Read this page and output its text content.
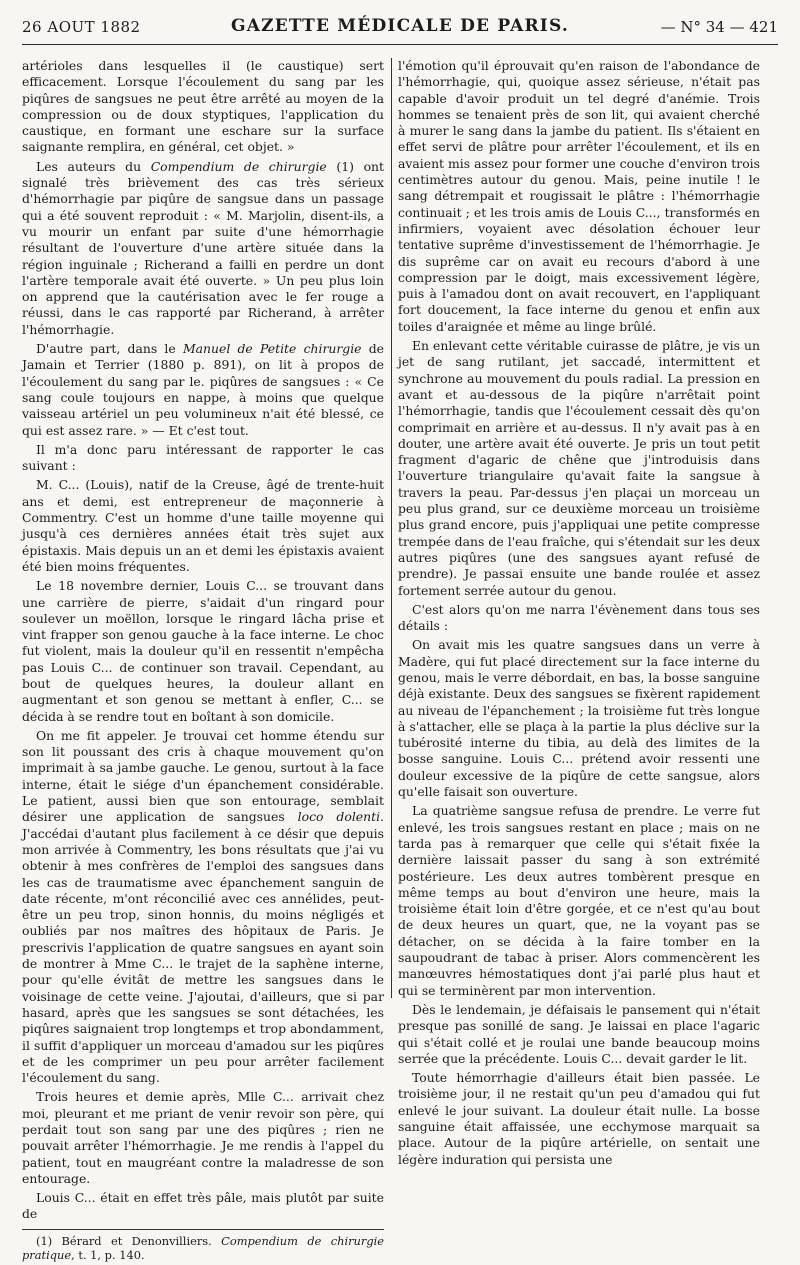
26 AOUT 1882	GAZETTE MÉDICALE DE PARIS.	— N° 34 — 421

artérioles dans lesquelles il (le caustique) sert efficacement. Lorsque l'écoulement du sang par les piqûres de sangsues ne peut être arrêté au moyen de la compression ou de doux styptiques, l'application du caustique, en formant une eschare sur la surface saignante remplira, en général, cet objet. »

Les auteurs du Compendium de chirurgie (1) ont signalé très brièvement des cas très sérieux d'hémorrhagie par piqûre de sangsue dans un passage qui a été souvent reproduit : « M. Marjolin, disent-ils, a vu mourir un enfant par suite d'une hémorrhagie résultant de l'ouverture d'une artère située dans la région inguinale ; Richerand a failli en perdre un dont l'artère temporale avait été ouverte. » Un peu plus loin on apprend que la cautérisation avec le fer rouge a réussi, dans le cas rapporté par Richerand, à arrêter l'hémorrhagie.

D'autre part, dans le Manuel de Petite chirurgie de Jamain et Terrier (1880 p. 891), on lit à propos de l'écoulement du sang par le. piqûres de sangsues : « Ce sang coule toujours en nappe, à moins que quelque vaisseau artériel un peu volumineux n'ait été blessé, ce qui est assez rare. » — Et c'est tout.

Il m'a donc paru intéressant de rapporter le cas suivant :

M. C... (Louis), natif de la Creuse, âgé de trente-huit ans et demi, est entrepreneur de maçonnerie à Commentry. C'est un homme d'une taille moyenne qui jusqu'à ces dernières années était très sujet aux épistaxis. Mais depuis un an et demi les épistaxis avaient été bien moins fréquentes.

Le 18 novembre dernier, Louis C... se trouvant dans une carrière de pierre, s'aidait d'un ringard pour soulever un moëllon, lorsque le ringard lâcha prise et vint frapper son genou gauche à la face interne. Le choc fut violent, mais la douleur qu'il en ressentit n'empêcha pas Louis C... de continuer son travail. Cependant, au bout de quelques heures, la douleur allant en augmentant et son genou se mettant à enfler, C... se décida à se rendre tout en boîtant à son domicile.

On me fit appeler. Je trouvai cet homme étendu sur son lit poussant des cris à chaque mouvement qu'on imprimait à sa jambe gauche. Le genou, surtout à la face interne, était le siége d'un épanchement considérable. Le patient, aussi bien que son entourage, semblait désirer une application de sangsues loco dolenti. J'accédai d'autant plus facilement à ce désir que depuis mon arrivée à Commentry, les bons résultats que j'ai vu obtenir à mes confrères de l'emploi des sangsues dans les cas de traumatisme avec épanchement sanguin de date récente, m'ont réconcilié avec ces annélides, peut-être un peu trop, sinon honnis, du moins négligés et oubliés par nos maîtres des hôpitaux de Paris. Je prescrivis l'application de quatre sangsues en ayant soin de montrer à Mme C... le trajet de la saphène interne, pour qu'elle évitât de mettre les sangsues dans le voisinage de cette veine. J'ajoutai, d'ailleurs, que si par hasard, après que les sangsues se sont détachées, les piqûres saignaient trop longtemps et trop abondamment, il suffit d'appliquer un morceau d'amadou sur les piqûres et de les comprimer un peu pour arrêter facilement l'écoulement du sang.

Trois heures et demie après, Mlle C... arrivait chez moi, pleurant et me priant de venir revoir son père, qui perdait tout son sang par une des piqûres ; rien ne pouvait arrêter l'hémorrhagie. Je me rendis à l'appel du patient, tout en maugréant contre la maladresse de son entourage.

Louis C... était en effet très pâle, mais plutôt par suite de

(1) Bérard et Denonvilliers. Compendium de chirurgie pratique, t. 1, p. 140.

l'émotion qu'il éprouvait qu'en raison de l'abondance de l'hémorrhagie, qui, quoique assez sérieuse, n'était pas capable d'avoir produit un tel degré d'anémie. Trois hommes se tenaient près de son lit, qui avaient cherché à murer le sang dans la jambe du patient. Ils s'étaient en effet servi de plâtre pour arrêter l'écoulement, et ils en avaient mis assez pour former une couche d'environ trois centimètres autour du genou. Mais, peine inutile ! le sang détrempait et rougissait le plâtre : l'hémorrhagie continuait ; et les trois amis de Louis C..., transformés en infirmiers, voyaient avec désolation échouer leur tentative suprême d'investissement de l'hémorrhagie. Je dis suprême car on avait eu recours d'abord à une compression par le doigt, mais excessivement légère, puis à l'amadou dont on avait recouvert, en l'appliquant fort doucement, la face interne du genou et enfin aux toiles d'araignée et même au linge brûlé.

En enlevant cette véritable cuirasse de plâtre, je vis un jet de sang rutilant, jet saccadé, intermittent et synchrone au mouvement du pouls radial. La pression en avant et au-dessous de la piqûre n'arrêtait point l'hémorrhagie, tandis que l'écoulement cessait dès qu'on comprimait en arrière et au-dessus. Il n'y avait pas à en douter, une artère avait été ouverte. Je pris un tout petit fragment d'agaric de chêne que j'introduisis dans l'ouverture triangulaire qu'avait faite la sangsue à travers la peau. Par-dessus j'en plaçai un morceau un peu plus grand, sur ce deuxième morceau un troisième plus grand encore, puis j'appliquai une petite compresse trempée dans de l'eau fraîche, qui s'étendait sur les deux autres piqûres (une des sangsues ayant refusé de prendre). Je passai ensuite une bande roulée et assez fortement serrée autour du genou.

C'est alors qu'on me narra l'évènement dans tous ses détails :

On avait mis les quatre sangsues dans un verre à Madère, qui fut placé directement sur la face interne du genou, mais le verre débordait, en bas, la bosse sanguine déjà existante. Deux des sangsues se fixèrent rapidement au niveau de l'épanchement ; la troisième fut très longue à s'attacher, elle se plaça à la partie la plus déclive sur la tubérosité interne du tibia, au delà des limites de la bosse sanguine. Louis C... prétend avoir ressenti une douleur excessive de la piqûre de cette sangsue, alors qu'elle faisait son ouverture.

La quatrième sangsue refusa de prendre. Le verre fut enlevé, les trois sangsues restant en place ; mais on ne tarda pas à remarquer que celle qui s'était fixée la dernière laissait passer du sang à son extrémité postérieure. Les deux autres tombèrent presque en même temps au bout d'environ une heure, mais la troisième était loin d'être gorgée, et ce n'est qu'au bout de deux heures un quart, que, ne la voyant pas se détacher, on se décida à la faire tomber en la saupoudrant de tabac à priser. Alors commencèrent les manœuvres hémostatiques dont j'ai parlé plus haut et qui se terminèrent par mon intervention.

Dès le lendemain, je défaisais le pansement qui n'était presque pas sonillé de sang. Je laissai en place l'agaric qui s'était collé et je roulai une bande beaucoup moins serrée que la précédente. Louis C... devait garder le lit.

Toute hémorrhagie d'ailleurs était bien passée. Le troisième jour, il ne restait qu'un peu d'amadou qui fut enlevé le jour suivant. La douleur était nulle. La bosse sanguine était affaissée, une ecchymose marquait sa place. Autour de la piqûre artérielle, on sentait une légère induration qui persista une
